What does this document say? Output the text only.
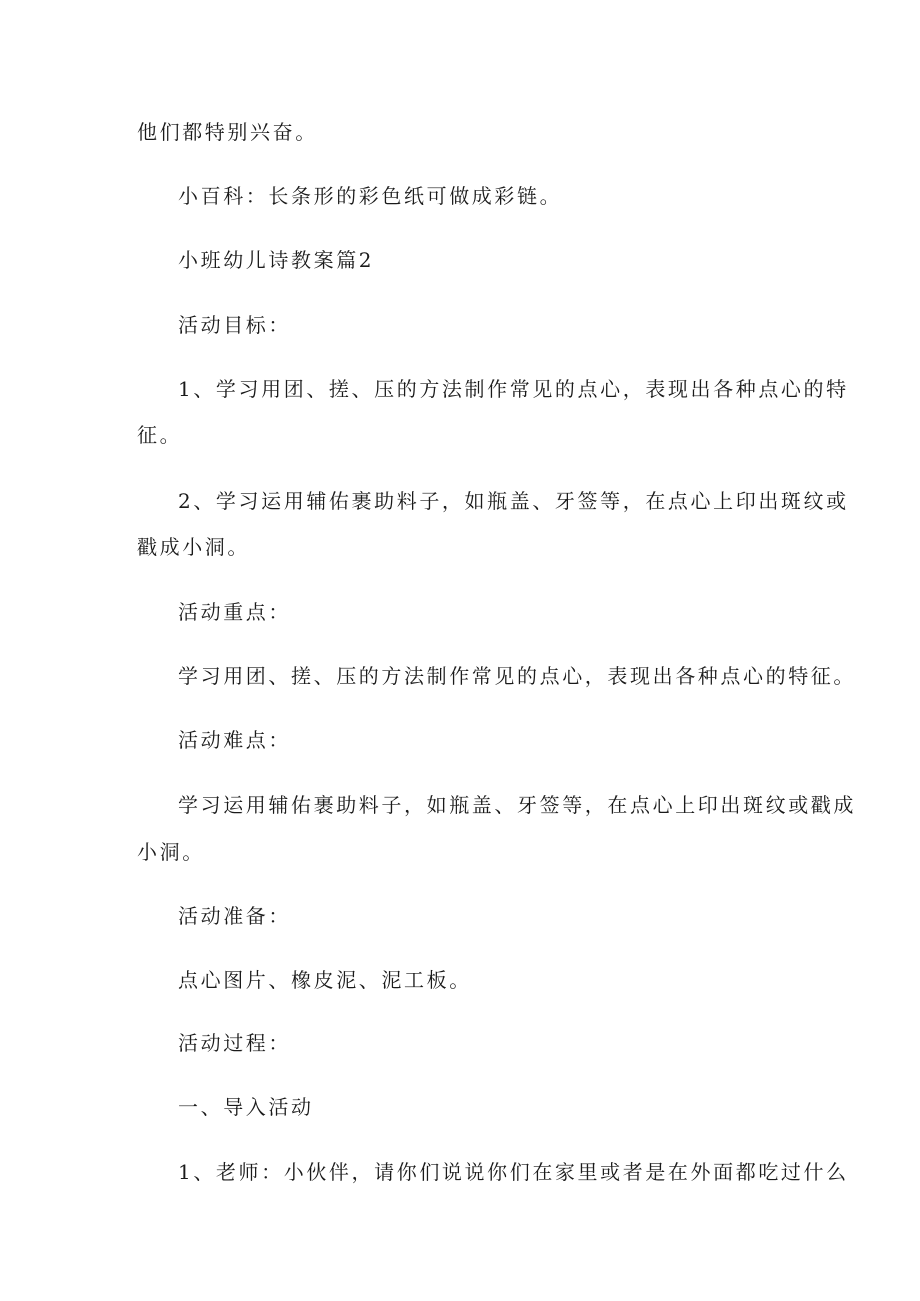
他们都特别兴奋。
小百科：长条形的彩色纸可做成彩链。
小班幼儿诗教案篇2
活动目标：
1、学习用团、搓、压的方法制作常见的点心，表现出各种点心的特
征。
2、学习运用辅佑裹助料子，如瓶盖、牙签等，在点心上印出斑纹或
戳成小洞。
活动重点：
学习用团、搓、压的方法制作常见的点心，表现出各种点心的特征。
活动难点：
学习运用辅佑裹助料子，如瓶盖、牙签等，在点心上印出斑纹或戳成
小洞。
活动准备：
点心图片、橡皮泥、泥工板。
活动过程：
一、导入活动
1、老师：小伙伴，请你们说说你们在家里或者是在外面都吃过什么
